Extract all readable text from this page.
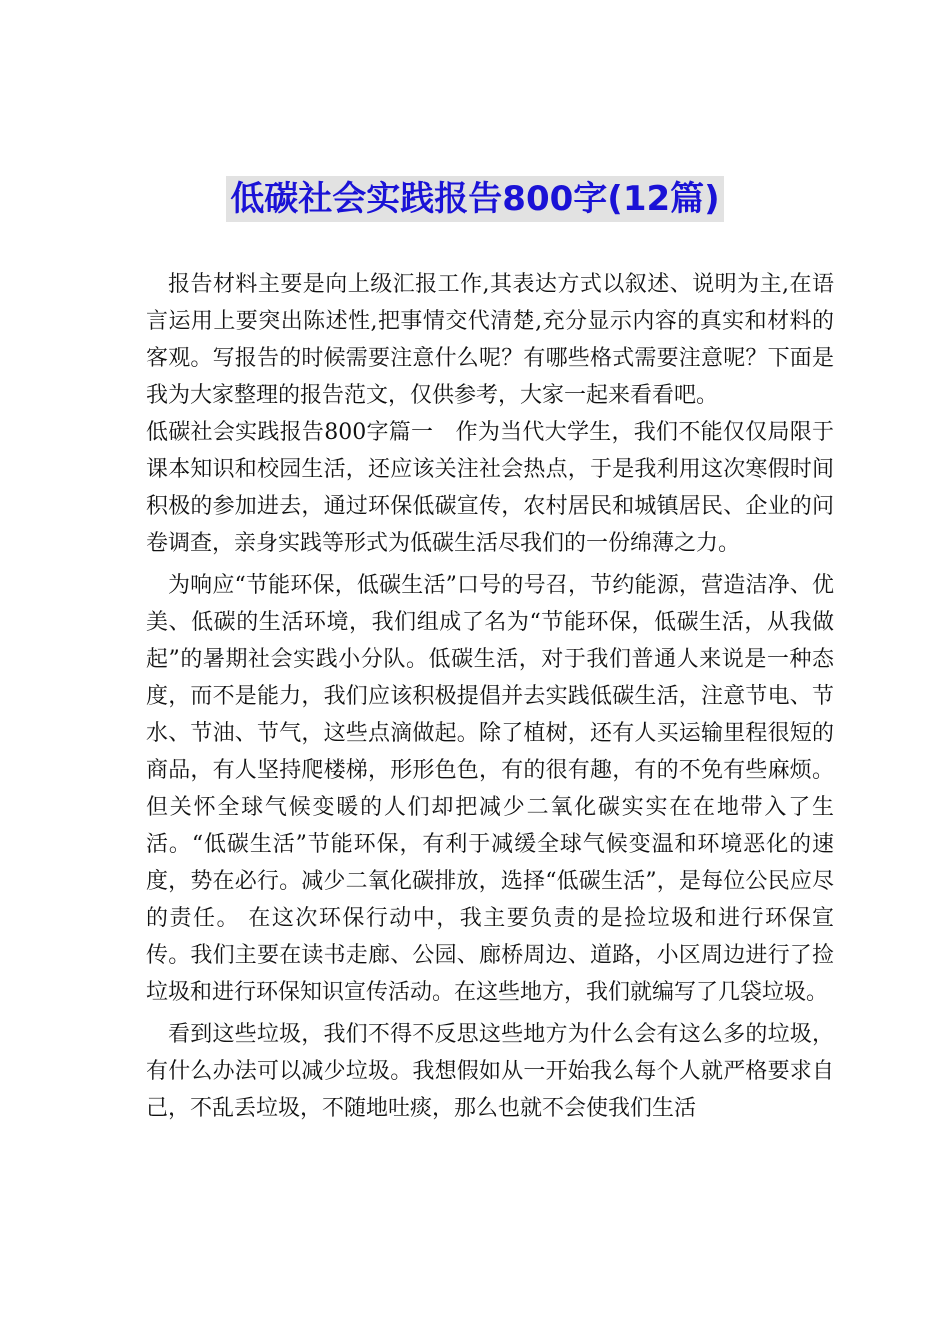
低碳社会实践报告800字(12篇)

报告材料主要是向上级汇报工作,其表达方式以叙述、说明为主,在语言运用上要突出陈述性,把事情交代清楚,充分显示内容的真实和材料的客观。写报告的时候需要注意什么呢？有哪些格式需要注意呢？下面是我为大家整理的报告范文，仅供参考，大家一起来看看吧。

低碳社会实践报告800字篇一　作为当代大学生，我们不能仅仅局限于课本知识和校园生活，还应该关注社会热点，于是我利用这次寒假时间积极的参加进去，通过环保低碳宣传，农村居民和城镇居民、企业的问卷调查，亲身实践等形式为低碳生活尽我们的一份绵薄之力。

为响应“节能环保，低碳生活”口号的号召，节约能源，营造洁净、优美、低碳的生活环境，我们组成了名为“节能环保，低碳生活，从我做起”的暑期社会实践小分队。低碳生活，对于我们普通人来说是一种态度，而不是能力，我们应该积极提倡并去实践低碳生活，注意节电、节水、节油、节气，这些点滴做起。除了植树，还有人买运输里程很短的商品，有人坚持爬楼梯，形形色色，有的很有趣，有的不免有些麻烦。但关怀全球气候变暖的人们却把减少二氧化碳实实在在地带入了生活。“低碳生活”节能环保，有利于减缓全球气候变温和环境恶化的速度，势在必行。减少二氧化碳排放，选择“低碳生活”，是每位公民应尽的责任。 在这次环保行动中，我主要负责的是捡垃圾和进行环保宣传。我们主要在读书走廊、公园、廊桥周边、道路，小区周边进行了捡垃圾和进行环保知识宣传活动。在这些地方，我们就编写了几袋垃圾。

看到这些垃圾，我们不得不反思这些地方为什么会有这么多的垃圾，有什么办法可以减少垃圾。我想假如从一开始我么每个人就严格要求自己，不乱丢垃圾，不随地吐痰，那么也就不会使我们生活
